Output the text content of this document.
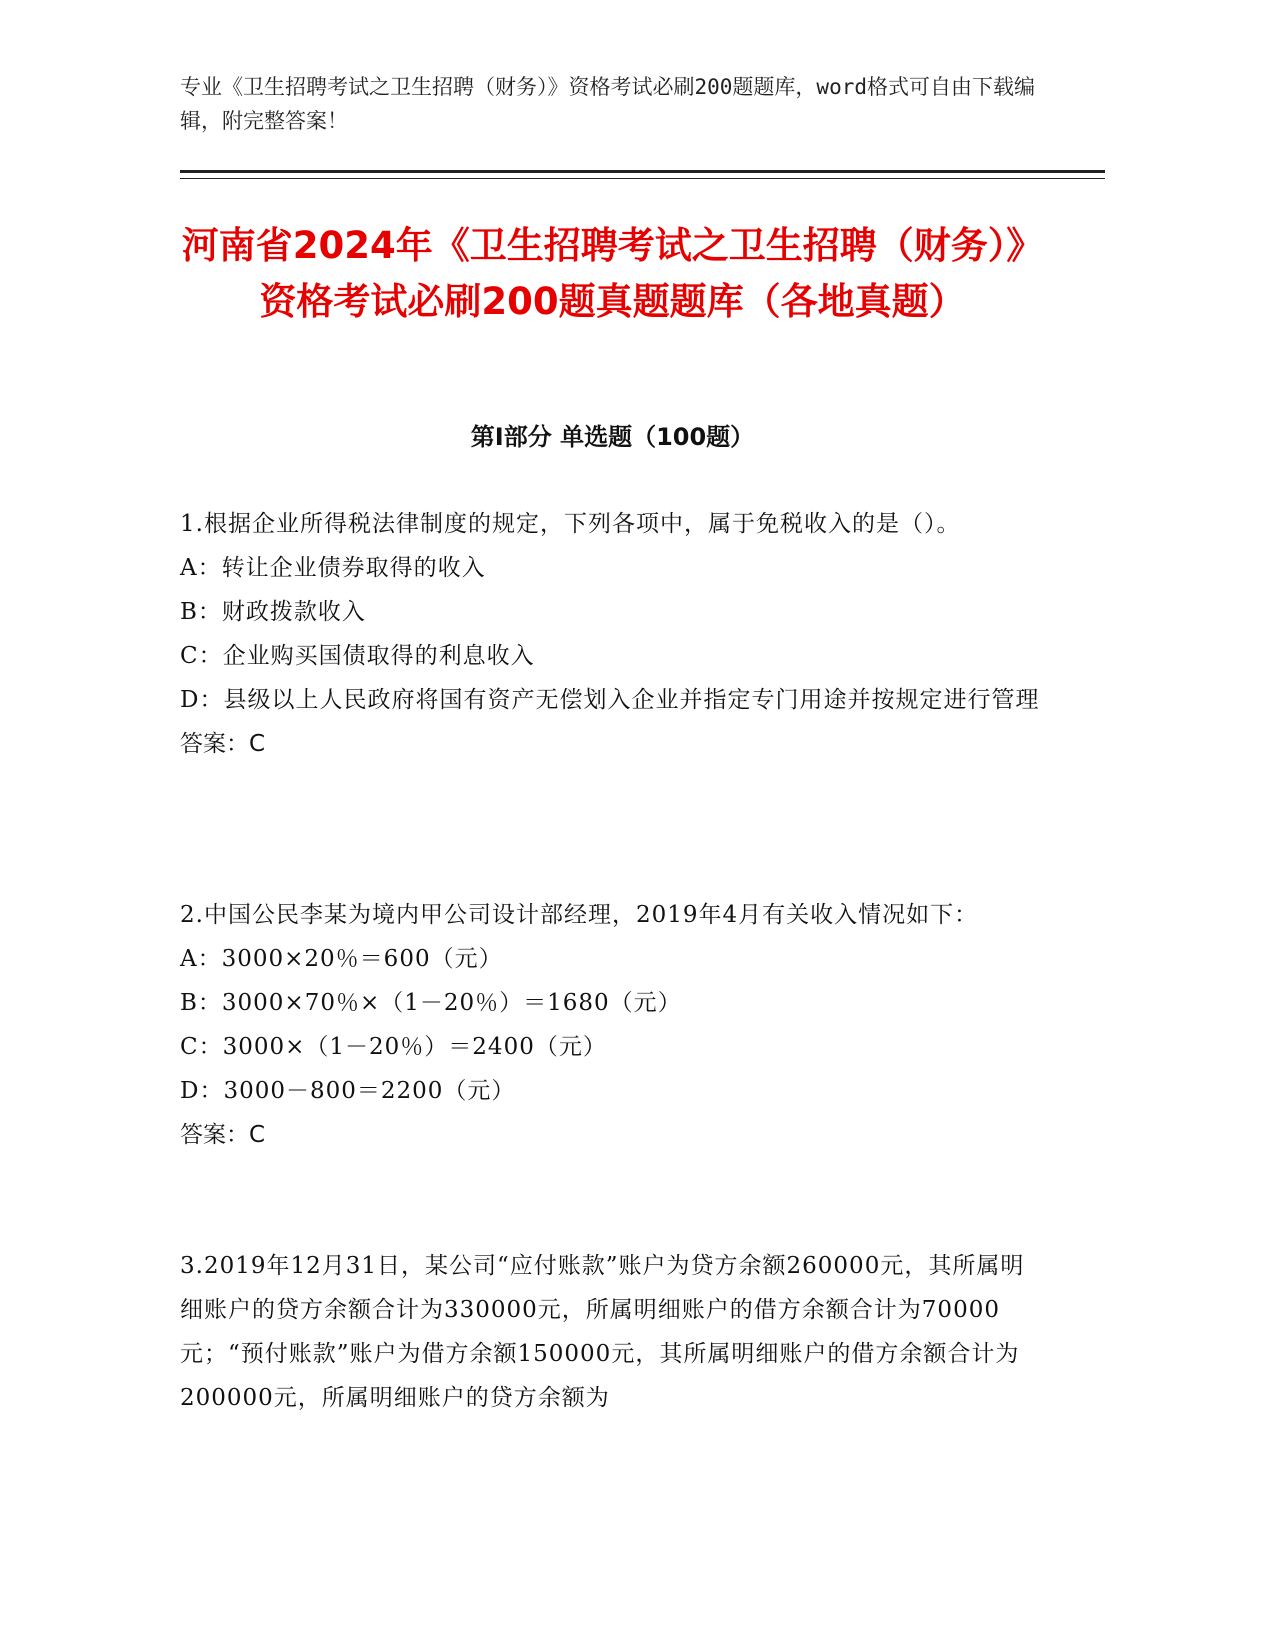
专业《卫生招聘考试之卫生招聘（财务）》资格考试必刷200题题库，word格式可自由下载编辑，附完整答案！
河南省2024年《卫生招聘考试之卫生招聘（财务）》资格考试必刷200题真题题库（各地真题）
第I部分 单选题（100题）
1.根据企业所得税法律制度的规定，下列各项中，属于免税收入的是（）。
A：转让企业债券取得的收入
B：财政拨款收入
C：企业购买国债取得的利息收入
D：县级以上人民政府将国有资产无偿划入企业并指定专门用途并按规定进行管理
答案：C
2.中国公民李某为境内甲公司设计部经理，2019年4月有关收入情况如下：
A：3000×20％＝600（元）
B：3000×70％×（1－20％）＝1680（元）
C：3000×（1－20％）＝2400（元）
D：3000－800＝2200（元）
答案：C
3.2019年12月31日，某公司“应付账款”账户为贷方余额260000元，其所属明细账户的贷方余额合计为330000元，所属明细账户的借方余额合计为70000元；“预付账款”账户为借方余额150000元，其所属明细账户的借方余额合计为200000元，所属明细账户的贷方余额为
